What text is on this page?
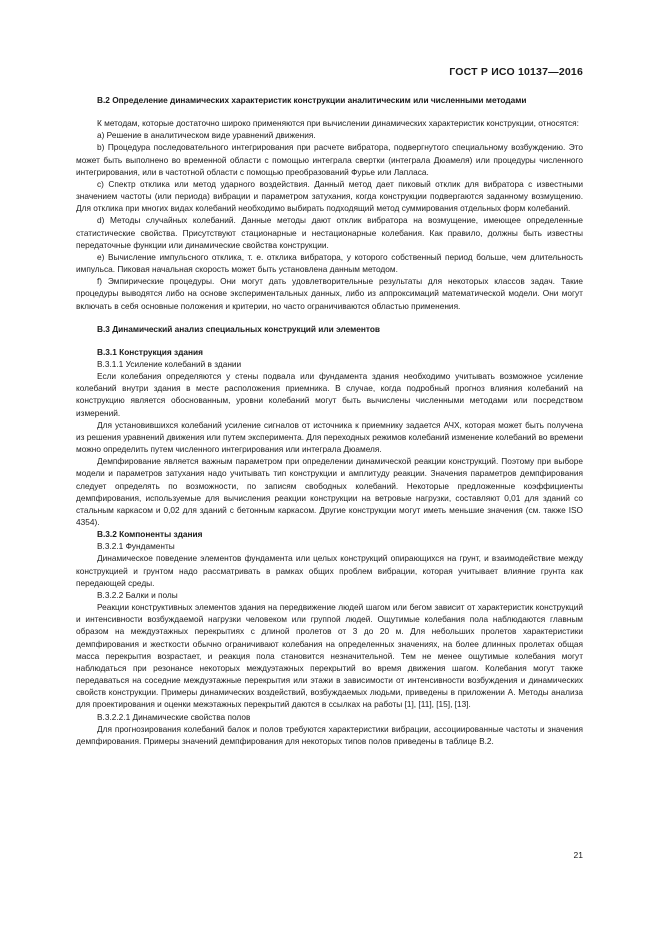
ГОСТ Р ИСО 10137—2016

В.2 Определение динамических характеристик конструкции аналитическим или численными методами

К методам, которые достаточно широко применяются при вычислении динамических характеристик конструкции, относятся:

а) Решение в аналитическом виде уравнений движения.

b) Процедура последовательного интегрирования при расчете вибратора, подвергнутого специальному возбуждению. Это может быть выполнено во временной области с помощью интеграла свертки (интеграла Дюамеля) или процедуры численного интегрирования, или в частотной области с помощью преобразований Фурье или Лапласа.

c) Спектр отклика или метод ударного воздействия. Данный метод дает пиковый отклик для вибратора с известными значением частоты (или периода) вибрации и параметром затухания, когда конструкции подвергаются заданному возмущению. Для отклика при многих видах колебаний необходимо выбирать подходящий метод суммирования отдельных форм колебаний.

d) Методы случайных колебаний. Данные методы дают отклик вибратора на возмущение, имеющее определенные статистические свойства. Присутствуют стационарные и нестационарные колебания. Как правило, должны быть известны передаточные функции или динамические свойства конструкции.

e) Вычисление импульсного отклика, т. е. отклика вибратора, у которого собственный период больше, чем длительность импульса. Пиковая начальная скорость может быть установлена данным методом.

f) Эмпирические процедуры. Они могут дать удовлетворительные результаты для некоторых классов задач. Такие процедуры выводятся либо на основе экспериментальных данных, либо из аппроксимаций математической модели. Они могут включать в себя основные положения и критерии, но часто ограничиваются областью применения.

В.3 Динамический анализ специальных конструкций или элементов

В.3.1 Конструкция здания

В.3.1.1 Усиление колебаний в здании

Если колебания определяются у стены подвала или фундамента здания необходимо учитывать возможное усиление колебаний внутри здания в месте расположения приемника. В случае, когда подробный прогноз влияния колебаний на конструкцию является обоснованным, уровни колебаний могут быть вычислены численными методами или посредством измерений.

Для установившихся колебаний усиление сигналов от источника к приемнику задается АЧХ, которая может быть получена из решения уравнений движения или путем эксперимента. Для переходных режимов колебаний изменение колебаний во времени можно определить путем численного интегрирования или интеграла Дюамеля.

Демпфирование является важным параметром при определении динамической реакции конструкций. Поэтому при выборе модели и параметров затухания надо учитывать тип конструкции и амплитуду реакции. Значения параметров демпфирования следует определять по возможности, по записям свободных колебаний. Некоторые предложенные коэффициенты демпфирования, используемые для вычисления реакции конструкции на ветровые нагрузки, составляют 0,01 для зданий со стальным каркасом и 0,02 для зданий с бетонным каркасом. Другие конструкции могут иметь меньшие значения (см. также ISO 4354).

В.3.2 Компоненты здания

В.3.2.1 Фундаменты

Динамическое поведение элементов фундамента или целых конструкций опирающихся на грунт, и взаимодействие между конструкцией и грунтом надо рассматривать в рамках общих проблем вибрации, которая учитывает влияние грунта как передающей среды.

В.3.2.2 Балки и полы

Реакции конструктивных элементов здания на передвижение людей шагом или бегом зависит от характеристик конструкций и интенсивности возбуждаемой нагрузки человеком или группой людей. Ощутимые колебания пола наблюдаются главным образом на междуэтажных перекрытиях с длиной пролетов от 3 до 20 м. Для небольших пролетов характеристики демпфирования и жесткости обычно ограничивают колебания на определенных значениях, на более длинных пролетах общая масса перекрытия возрастает, и реакция пола становится незначительной. Тем не менее ощутимые колебания могут наблюдаться при резонансе некоторых междуэтажных перекрытий во время движения шагом. Колебания могут также передаваться на соседние междуэтажные перекрытия или этажи в зависимости от интенсивности возбуждения и динамических свойств конструкции. Примеры динамических воздействий, возбуждаемых людьми, приведены в приложении А. Методы анализа для проектирования и оценки межэтажных перекрытий даются в ссылках на работы [1], [11], [15], [13].

В.3.2.2.1 Динамические свойства полов

Для прогнозирования колебаний балок и полов требуются характеристики вибрации, ассоциированные частоты и значения демпфирования. Примеры значений демпфирования для некоторых типов полов приведены в таблице В.2.

21
